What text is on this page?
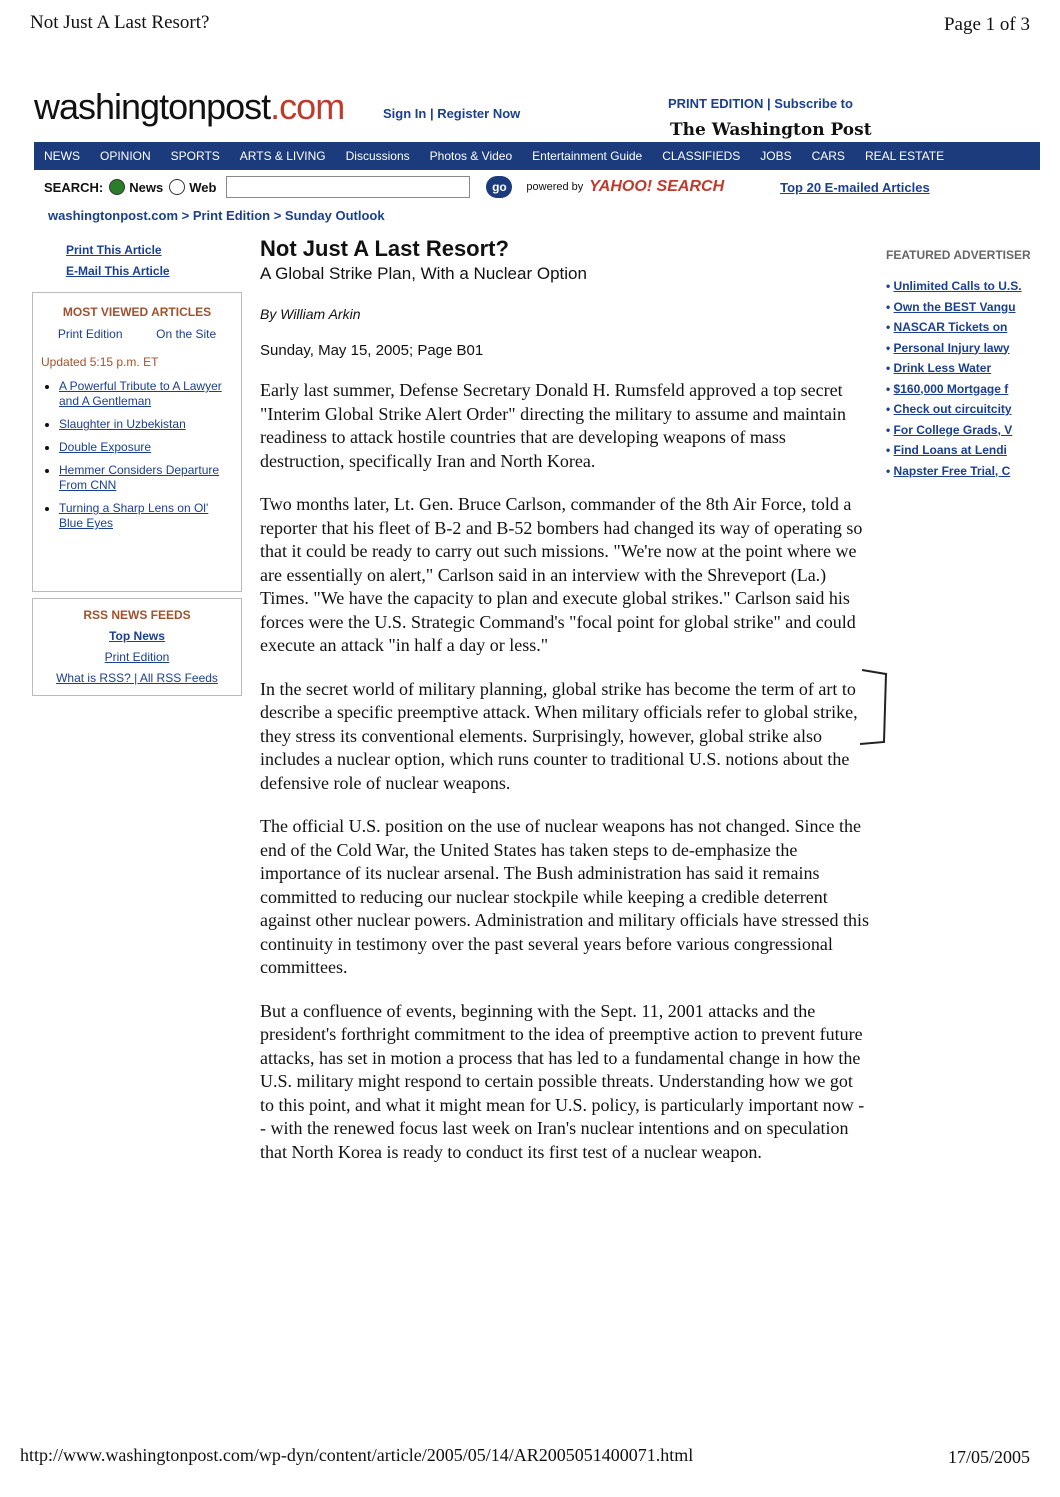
Not Just A Last Resort?	Page 1 of 3
washingtonpost.com	Sign In | Register Now
PRINT EDITION | Subscribe to
The Washington Post
NEWS	OPINION	SPORTS	ARTS & LIVING	Discussions	Photos & Video	Entertainment Guide	CLASSIFIEDS	JOBS	CARS	REAL ESTATE
SEARCH: News Web	go	powered by YAHOO! SEARCH	Top 20 E-mailed Articles
washingtonpost.com > Print Edition > Sunday Outlook
Print This Article
E-Mail This Article
MOST VIEWED ARTICLES
Print Edition	On the Site
Updated 5:15 p.m. ET
• A Powerful Tribute to A Lawyer and A Gentleman
• Slaughter in Uzbekistan
• Double Exposure
• Hemmer Considers Departure From CNN
• Turning a Sharp Lens on Ol' Blue Eyes
RSS NEWS FEEDS
Top News
Print Edition
What is RSS? | All RSS Feeds
Not Just A Last Resort?
A Global Strike Plan, With a Nuclear Option
By William Arkin
Sunday, May 15, 2005; Page B01

Early last summer, Defense Secretary Donald H. Rumsfeld approved a top secret "Interim Global Strike Alert Order" directing the military to assume and maintain readiness to attack hostile countries that are developing weapons of mass destruction, specifically Iran and North Korea.

Two months later, Lt. Gen. Bruce Carlson, commander of the 8th Air Force, told a reporter that his fleet of B-2 and B-52 bombers had changed its way of operating so that it could be ready to carry out such missions. "We're now at the point where we are essentially on alert," Carlson said in an interview with the Shreveport (La.) Times. "We have the capacity to plan and execute global strikes." Carlson said his forces were the U.S. Strategic Command's "focal point for global strike" and could execute an attack "in half a day or less."

In the secret world of military planning, global strike has become the term of art to describe a specific preemptive attack. When military officials refer to global strike, they stress its conventional elements. Surprisingly, however, global strike also includes a nuclear option, which runs counter to traditional U.S. notions about the defensive role of nuclear weapons.

The official U.S. position on the use of nuclear weapons has not changed. Since the end of the Cold War, the United States has taken steps to de-emphasize the importance of its nuclear arsenal. The Bush administration has said it remains committed to reducing our nuclear stockpile while keeping a credible deterrent against other nuclear powers. Administration and military officials have stressed this continuity in testimony over the past several years before various congressional committees.

But a confluence of events, beginning with the Sept. 11, 2001 attacks and the president's forthright commitment to the idea of preemptive action to prevent future attacks, has set in motion a process that has led to a fundamental change in how the U.S. military might respond to certain possible threats. Understanding how we got to this point, and what it might mean for U.S. policy, is particularly important now -- with the renewed focus last week on Iran's nuclear intentions and on speculation that North Korea is ready to conduct its first test of a nuclear weapon.

FEATURED ADVERTISER
• Unlimited Calls to U.S.
• Own the BEST Vangu
• NASCAR Tickets on
• Personal Injury lawy
• Drink Less Water
• $160,000 Mortgage f
• Check out circuitcity
• For College Grads, V
• Find Loans at Lendi
• Napster Free Trial, C
http://www.washingtonpost.com/wp-dyn/content/article/2005/05/14/AR2005051400071.html	17/05/2005
